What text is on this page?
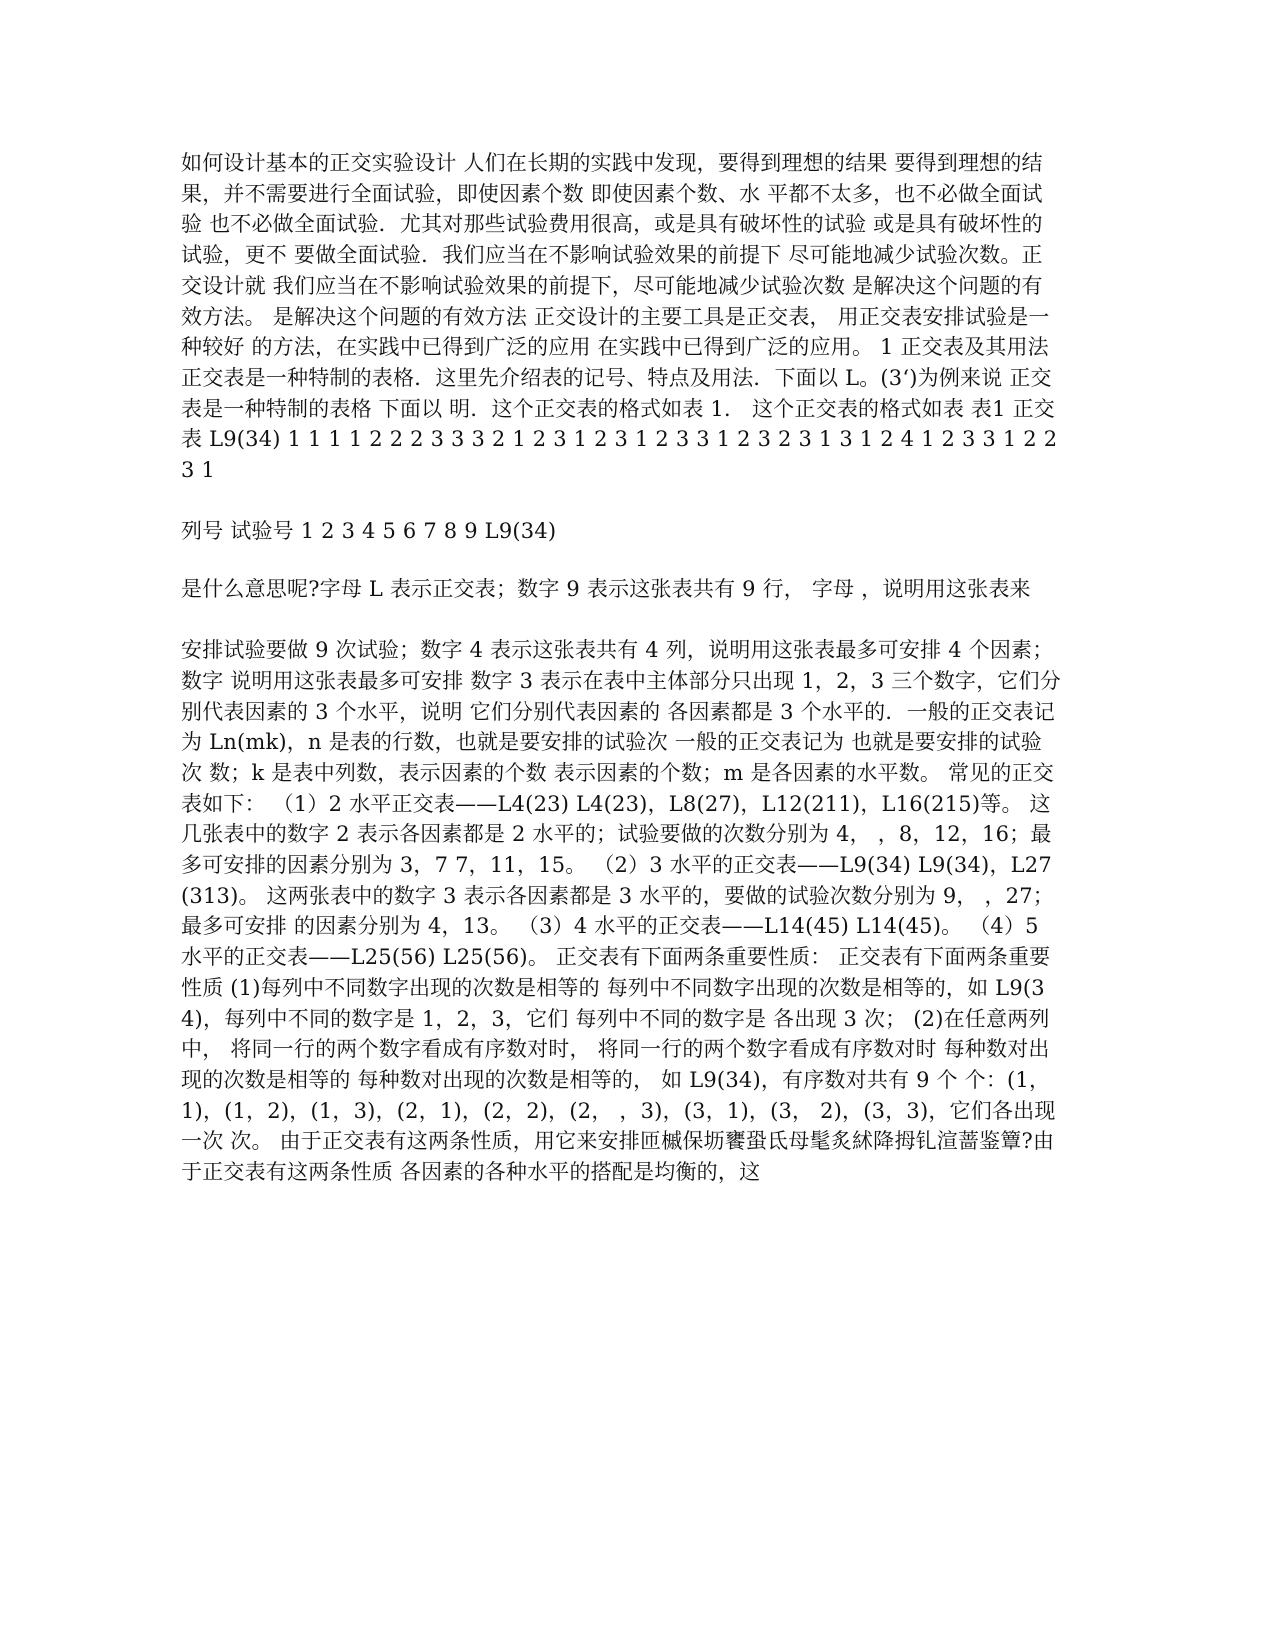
如何设计基本的正交实验设计 人们在长期的实践中发现，要得到理想的结果 要得到理想的结果，并不需要进行全面试验，即使因素个数 即使因素个数、水 平都不太多，也不必做全面试验 也不必做全面试验．尤其对那些试验费用很高，或是具有破坏性的试验 或是具有破坏性的试验，更不 要做全面试验．我们应当在不影响试验效果的前提下 尽可能地减少试验次数。正交设计就 我们应当在不影响试验效果的前提下，尽可能地减少试验次数 是解决这个问题的有效方法。 是解决这个问题的有效方法 正交设计的主要工具是正交表， 用正交表安排试验是一种较好 的方法，在实践中已得到广泛的应用 在实践中已得到广泛的应用。 1 正交表及其用法 正交表是一种特制的表格．这里先介绍表的记号、特点及用法．下面以 L。(3‘)为例来说 正交表是一种特制的表格 下面以 明．这个正交表的格式如表 1． 这个正交表的格式如表 表1 正交表 L9(34) 1 1 1 1 2 2 2 3 3 3 2 1 2 3 1 2 3 1 2 3 3 1 2 3 2 3 1 3 1 2 4 1 2 3 3 1 2 2 3 1

列号 试验号 1 2 3 4 5 6 7 8 9 L9(34)

是什么意思呢?字母 L 表示正交表；数字 9 表示这张表共有 9 行， 字母 ，说明用这张表来

安排试验要做 9 次试验；数字 4 表示这张表共有 4 列，说明用这张表最多可安排 4 个因素； 数字 说明用这张表最多可安排 数字 3 表示在表中主体部分只出现 1，2，3 三个数字，它们分别代表因素的 3 个水平，说明 它们分别代表因素的 各因素都是 3 个水平的．一般的正交表记为 Ln(mk)，n 是表的行数，也就是要安排的试验次 一般的正交表记为 也就是要安排的试验次 数；k 是表中列数，表示因素的个数 表示因素的个数；m 是各因素的水平数。 常见的正交表如下： （1）2 水平正交表——L4(23) L4(23)，L8(27)，L12(211)，L16(215)等。 这几张表中的数字 2 表示各因素都是 2 水平的；试验要做的次数分别为 4， ，8，12，16；最 多可安排的因素分别为 3，7 7，11，15。 （2）3 水平的正交表——L9(34) L9(34)，L27(313)。 这两张表中的数字 3 表示各因素都是 3 水平的，要做的试验次数分别为 9， ，27；最多可安排 的因素分别为 4，13。 （3）4 水平的正交表——L14(45) L14(45)。 （4）5 水平的正交表——L25(56) L25(56)。 正交表有下面两条重要性质： 正交表有下面两条重要性质 (1)每列中不同数字出现的次数是相等的 每列中不同数字出现的次数是相等的，如 L9(34)，每列中不同的数字是 1，2，3，它们 每列中不同的数字是 各出现 3 次； (2)在任意两列中， 将同一行的两个数字看成有序数对时， 将同一行的两个数字看成有序数对时 每种数对出现的次数是相等的 每种数对出现的次数是相等的， 如 L9(34)，有序数对共有 9 个 个：(1，1)，(1，2)，(1，3)，(2，1)，(2，2)，(2， ，3)，(3，1)，(3， 2)，(3，3)，它们各出现一次 次。 由于正交表有这两条性质，用它来安排匝槭保坜饔蛩氐母髦炙絉降拇钆渲蔷鉴簟?由于正交表有这两条性质 各因素的各种水平的搭配是均衡的，这
